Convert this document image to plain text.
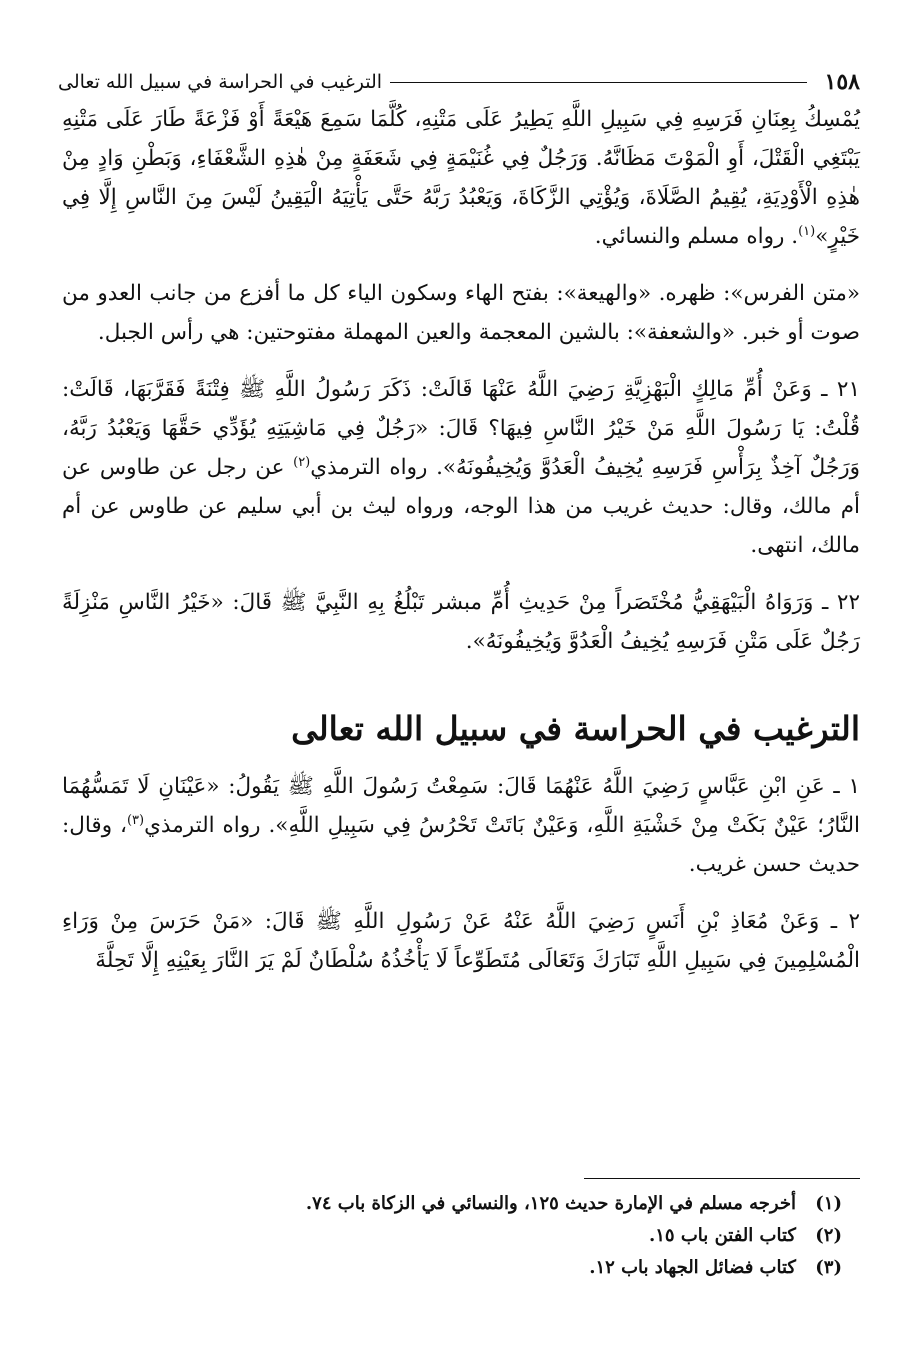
١٥٨
الترغيب في الحراسة في سبيل الله تعالى

يُمْسِكُ بِعِنَانِ فَرَسِهِ فِي سَبِيلِ اللَّهِ يَطِيرُ عَلَى مَتْنِهِ، كُلَّمَا سَمِعَ هَيْعَةً أَوْ فَزْعَةً طَارَ عَلَى مَتْنِهِ يَبْتَغِي الْقَتْلَ، أَوِ الْمَوْتَ مَظَانَّهُ. وَرَجُلٌ فِي غُنَيْمَةٍ فِي شَعَفَةٍ مِنْ هٰذِهِ الشَّعْفَاءِ، وَبَطْنِ وَادٍ مِنْ هٰذِهِ الْأَوْدِيَةِ، يُقِيمُ الصَّلَاةَ، وَيُؤْتِي الزَّكَاةَ، وَيَعْبُدُ رَبَّهُ حَتَّى يَأْتِيَهُ الْيَقِينُ لَيْسَ مِنَ النَّاسِ إِلَّا فِي خَيْرٍ»$^{(١)}$. رواه مسلم والنسائي.

«متن الفرس»: ظهره. «والهيعة»: بفتح الهاء وسكون الياء كل ما أفزع من جانب العدو من صوت أو خبر. «والشعفة»: بالشين المعجمة والعين المهملة مفتوحتين: هي رأس الجبل.

٢١ ـ وَعَنْ أُمِّ مَالِكٍ الْبَهْزِيَّةِ رَضِيَ اللَّهُ عَنْهَا قَالَتْ: ذَكَرَ رَسُولُ اللَّهِ ﷺ فِتْنَةً فَقَرَّبَهَا، قَالَتْ: قُلْتُ: يَا رَسُولَ اللَّهِ مَنْ خَيْرُ النَّاسِ فِيهَا؟ قَالَ: «رَجُلٌ فِي مَاشِيَتِهِ يُؤَدِّي حَقَّهَا وَيَعْبُدُ رَبَّهُ، وَرَجُلٌ آخِذٌ بِرَأْسِ فَرَسِهِ يُخِيفُ الْعَدُوَّ وَيُخِيفُونَهُ». رواه الترمذي$^{(٢)}$ عن رجل عن طاوس عن أم مالك، وقال: حديث غريب من هذا الوجه، ورواه ليث بن أبي سليم عن طاوس عن أم مالك، انتهى.

٢٢ ـ وَرَوَاهُ الْبَيْهَقِيُّ مُخْتَصَراً مِنْ حَدِيثِ أُمِّ مبشر تَبْلُغُ بِهِ النَّبِيَّ ﷺ قَالَ: «خَيْرُ النَّاسِ مَنْزِلَةً رَجُلٌ عَلَى مَتْنِ فَرَسِهِ يُخِيفُ الْعَدُوَّ وَيُخِيفُونَهُ».

الترغيب في الحراسة في سبيل الله تعالى

١ ـ عَنِ ابْنِ عَبَّاسٍ رَضِيَ اللَّهُ عَنْهُمَا قَالَ: سَمِعْتُ رَسُولَ اللَّهِ ﷺ يَقُولُ: «عَيْنَانِ لَا تَمَسُّهُمَا النَّارُ؛ عَيْنٌ بَكَتْ مِنْ خَشْيَةِ اللَّهِ، وَعَيْنٌ بَاتَتْ تَحْرُسُ فِي سَبِيلِ اللَّهِ». رواه الترمذي$^{(٣)}$، وقال: حديث حسن غريب.

٢ ـ وَعَنْ مُعَاذِ بْنِ أَنَسٍ رَضِيَ اللَّهُ عَنْهُ عَنْ رَسُولِ اللَّهِ ﷺ قَالَ: «مَنْ حَرَسَ مِنْ وَرَاءِ الْمُسْلِمِينَ فِي سَبِيلِ اللَّهِ تَبَارَكَ وَتَعَالَى مُتَطَوِّعاً لَا يَأْخُذُهُ سُلْطَانٌ لَمْ يَرَ النَّارَ بِعَيْنِهِ إِلَّا تَحِلَّةَ

(١)
أخرجه مسلم في الإمارة حديث ١٢٥، والنسائي في الزكاة باب ٧٤.
(٢)
كتاب الفتن باب ١٥.
(٣)
كتاب فضائل الجهاد باب ١٢.
